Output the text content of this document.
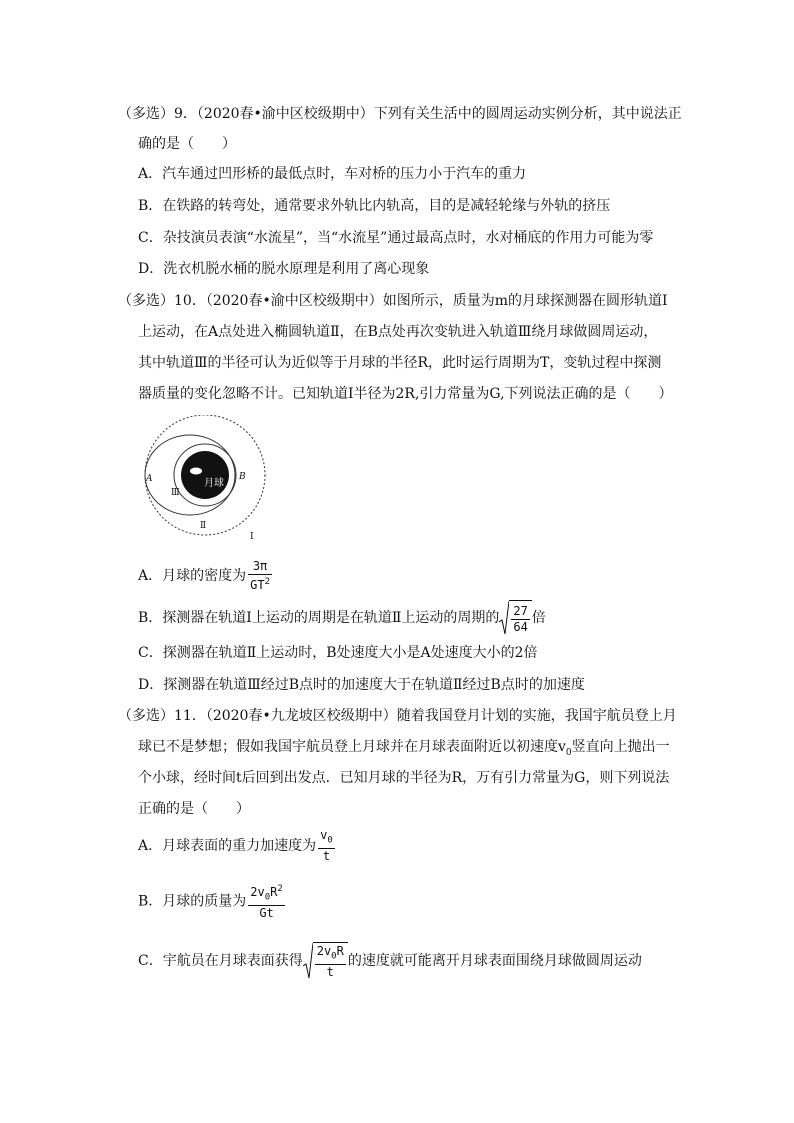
（多选）9．（2020春•渝中区校级期中）下列有关生活中的圆周运动实例分析，其中说法正
确的是（　　）
A．汽车通过凹形桥的最低点时，车对桥的压力小于汽车的重力
B．在铁路的转弯处，通常要求外轨比内轨高，目的是减轻轮缘与外轨的挤压
C．杂技演员表演“水流星”，当“水流星”通过最高点时，水对桶底的作用力可能为零
D．洗衣机脱水桶的脱水原理是利用了离心现象
（多选）10．（2020春•渝中区校级期中）如图所示，质量为m的月球探测器在圆形轨道Ⅰ
上运动，在A点处进入椭圆轨道Ⅱ，在B点处再次变轨进入轨道Ⅲ绕月球做圆周运动，
其中轨道Ⅲ的半径可认为近似等于月球的半径R，此时运行周期为T，变轨过程中探测
器质量的变化忽略不计。已知轨道Ⅰ半径为2R,引力常量为G,下列说法正确的是（　　）
月球
A	B
Ⅲ
Ⅱ
Ⅰ
A．月球的密度为 $\frac{3\pi}{GT^2}$
B．探测器在轨道Ⅰ上运动的周期是在轨道Ⅱ上运动的周期的 $\frac{27}{64}$ 倍
C．探测器在轨道Ⅱ上运动时，B处速度大小是A处速度大小的2倍
D．探测器在轨道Ⅲ经过B点时的加速度大于在轨道Ⅱ经过B点时的加速度
（多选）11．（2020春•九龙坡区校级期中）随着我国登月计划的实施，我国宇航员登上月
球已不是梦想；假如我国宇航员登上月球并在月球表面附近以初速度$v_0$竖直向上抛出一
个小球，经时间t后回到出发点．已知月球的半径为R，万有引力常量为G，则下列说法
正确的是（　　）
A．月球表面的重力加速度为 $\frac{v_0}{t}$
B．月球的质量为 $\frac{2v_0R^2}{Gt}$
C．宇航员在月球表面获得 $\frac{2v_0R}{t}$ 的速度就可能离开月球表面围绕月球做圆周运动
